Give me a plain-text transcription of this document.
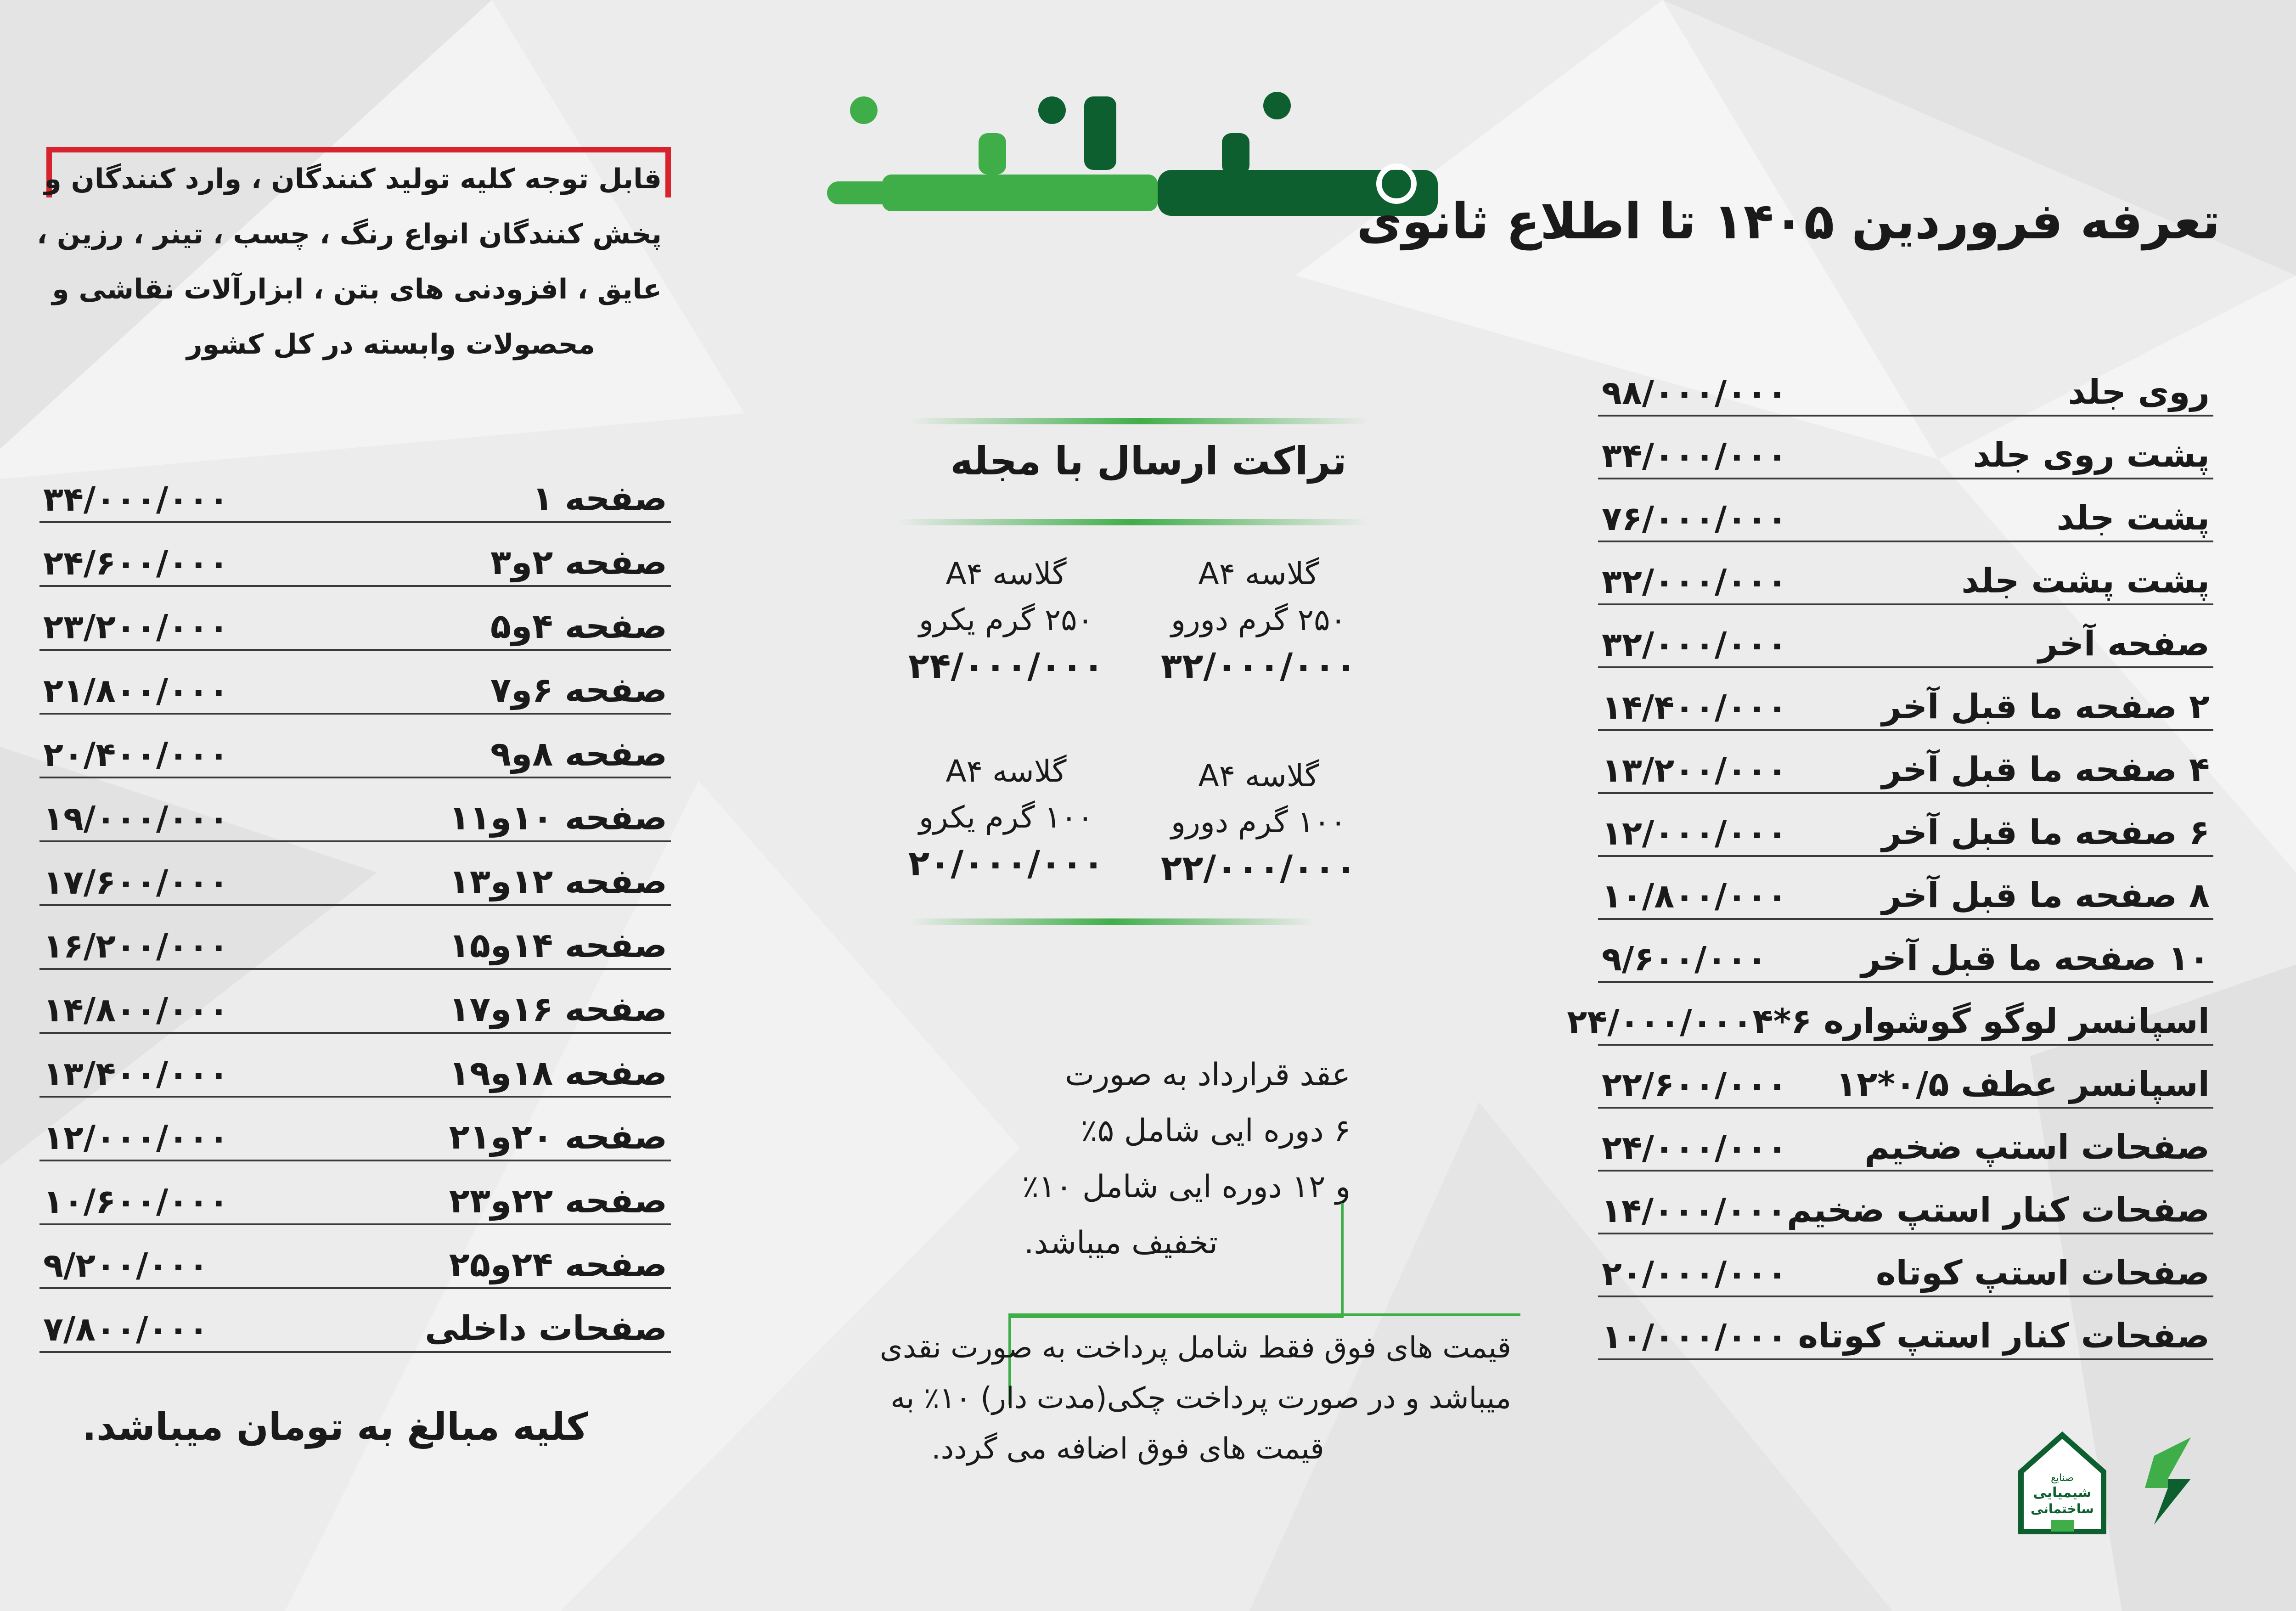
تعرفه فروردین ۱۴۰۵ تا اطلاع ثانوی
روی جلد
۹۸/۰۰۰/۰۰۰
پشت روی جلد
۳۴/۰۰۰/۰۰۰
پشت جلد
۷۶/۰۰۰/۰۰۰
پشت پشت جلد
۳۲/۰۰۰/۰۰۰
صفحه آخر
۳۲/۰۰۰/۰۰۰
۲ صفحه ما قبل آخر
۱۴/۴۰۰/۰۰۰
۴ صفحه ما قبل آخر
۱۳/۲۰۰/۰۰۰
۶ صفحه ما قبل آخر
۱۲/۰۰۰/۰۰۰
۸ صفحه ما قبل آخر
۱۰/۸۰۰/۰۰۰
۱۰ صفحه ما قبل آخر
۹/۶۰۰/۰۰۰
اسپانسر لوگو گوشواره ۶*۴
۲۴/۰۰۰/۰۰۰
اسپانسر عطف ۰/۵*۱۲
۲۲/۶۰۰/۰۰۰
صفحات استپ ضخیم
۲۴/۰۰۰/۰۰۰
صفحات کنار استپ ضخیم
۱۴/۰۰۰/۰۰۰
صفحات استپ کوتاه
۲۰/۰۰۰/۰۰۰
صفحات کنار استپ کوتاه
۱۰/۰۰۰/۰۰۰
قابل توجه کلیه تولید کنندگان ، وارد کنندگان و
پخش کنندگان انواع رنگ ، چسب ، تینر ، رزین ،
عایق ، افزودنی های بتن ، ابزارآلات نقاشی و
محصولات وابسته در کل کشور
صفحه ۱
۳۴/۰۰۰/۰۰۰
صفحه ۲و۳
۲۴/۶۰۰/۰۰۰
صفحه ۴و۵
۲۳/۲۰۰/۰۰۰
صفحه ۶و۷
۲۱/۸۰۰/۰۰۰
صفحه ۸و۹
۲۰/۴۰۰/۰۰۰
صفحه ۱۰و۱۱
۱۹/۰۰۰/۰۰۰
صفحه ۱۲و۱۳
۱۷/۶۰۰/۰۰۰
صفحه ۱۴و۱۵
۱۶/۲۰۰/۰۰۰
صفحه ۱۶و۱۷
۱۴/۸۰۰/۰۰۰
صفحه ۱۸و۱۹
۱۳/۴۰۰/۰۰۰
صفحه ۲۰و۲۱
۱۲/۰۰۰/۰۰۰
صفحه ۲۲و۲۳
۱۰/۶۰۰/۰۰۰
صفحه ۲۴و۲۵
۹/۲۰۰/۰۰۰
صفحات داخلی
۷/۸۰۰/۰۰۰
کلیه مبالغ به تومان میباشد.
تراکت ارسال با مجله
گلاسه A۴
۲۵۰ گرم دورو
۳۲/۰۰۰/۰۰۰
گلاسه A۴
۲۵۰ گرم یکرو
۲۴/۰۰۰/۰۰۰
گلاسه A۴
۱۰۰ گرم دورو
۲۲/۰۰۰/۰۰۰
گلاسه A۴
۱۰۰ گرم یکرو
۲۰/۰۰۰/۰۰۰
عقد قرارداد به صورت
۶ دوره ایی شامل ۵٪
و ۱۲ دوره ایی شامل ۱۰٪
تخفیف میباشد.
قیمت های فوق فقط شامل پرداخت به صورت نقدی
میباشد و در صورت پرداخت چکی(مدت دار) ۱۰٪ به
قیمت های فوق اضافه می گردد.
صنایع
شیمیایی
ساختمانی
